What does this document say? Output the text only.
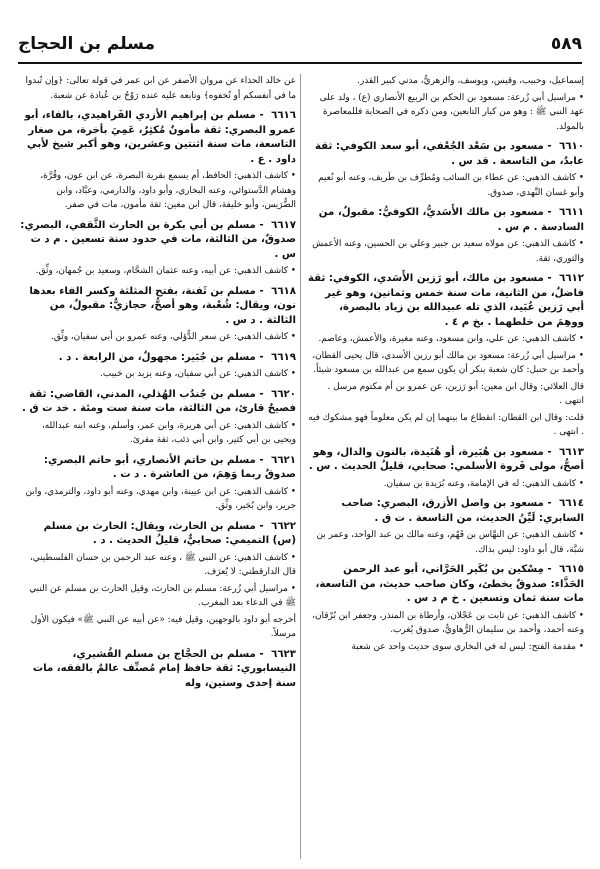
٥٨٩
مسلم بن الحجاج

إسماعيل، وحبيب، وقيس، ويوسف، والزهريُّ، مدني كبير القدر.

• مراسيل أبي زُرعة: مسعود بن الحكم بن الربيع الأنصاري (ع) ، ولد على عهد النبي ﷺ : وهو من كبار التابعين، ومن ذكره في الصحابة فللمعاصرة بالمولد.

٦٦١٠ - مسعود بن سَعْد الجُعْفي، أبو سعد الكوفي: ثقة عابدٌ، من التاسعة . قد س .

• كاشف الذهبي: عن عطاء بن السائب ومُطرِّف بن طَريف، وعنه أبو نُعيم وأبو غسان النَّهدي، صدوق.

٦٦١١ - مسعود بن مالك الأَسَديُّ، الكوفيُّ: مقبولٌ، من السادسة . م س .

• كاشف الذهبي: عن مولاه سعيد بن جبير وعلي بن الحسين، وعنه الأعمش والثوري، ثقة.

٦٦١٢ - مسعود بن مالك، أبو رَزين الأَسَدي، الكوفي: ثقة فاضلٌ، من الثانية، مات سنة خمس وثمانين، وهو غير أبي رَزين عُبَيد، الذي تله عبيدالله بن زياد بالبصرة، ووهِمَ من خلطهما . بخ م ٤ .

• كاشف الذهبي: عن علي، وابن مسعود، وعنه مغيرة، والأعمش، وعاصم.

• مراسيل أبي زُرعة: مسعود بن مالك أبو رزين الأسدي، قال يحيى القطان، وأحمد بن حنبل: كان شعبة ينكر أن يكون سمع من عبدالله بن مسعود شيئاً.

قال العلائي: وقال ابن معين: أبو رَزين، عن عمرو بن أم مكتوم مرسل . انتهى .

قلت: وقال ابن القطان: انقطاع ما بينهما إن لم يكن معلوماً فهو مشكوك فيه . انتهى .

٦٦١٣ - مسعود بن هُبَيرة، أو هُنَيدة، بالنون والدال، وهو أصحُّ، مولى فَروة الأسلمي: صحابي، قليلُ الحديث . س .

• كاشف الذهبي: له في الإمامة، وعنه بُرَيدة بن سفيان.

٦٦١٤ - مسعود بن واصل الأزرق، البصري: صاحب السابري: لَيِّنُ الحديث، من التاسعة . ت ق .

• كاشف الذهبي: عن النهَّاس بن قَهْم، وعنه مالك بن عبد الواحد، وعمر بن شبَّة، قال أبو داود: ليس بذاك.

٦٦١٥ - مِسْكين بن بُكَير الحَرَّاني، أبو عبد الرحمن الحَذَّاء: صدوقٌ يخطئ، وكان صاحب حديث، من التاسعة، مات سنة ثمان وتسعين . خ م د س .

• كاشف الذهبي: عن ثابت بن عَجْلان، وأرطاة بن المنذر، وجعفر ابن بُرْقان، وعنه أحمد، وأحمد بن سليمان الرُّهاويُّ، صدوق يُغرب.

• مقدمة الفتح: ليس له في البخاري سوى حديث واحد عن شعبة

عن خالد الحذاء عن مروان الأصفر عن ابن عمر في قوله تعالى: ﴿وإن تُبدوا ما في أنفسكم أو تُخفوه﴾ وتابعه عليه عنده رَوْحُ بن عُبادة عن شعبة.

٦٦١٦ - مسلم بن إبراهيم الأزدي الفَراهيدي، بالفاء، أبو عمرو البصري: ثقة مأمونٌ مُكثِرٌ، عَمِيَ بأخرة، من صغار التاسعة، مات سنة اثنتين وعشرين، وهو أكبر شيخ لأبي داود . ع .

• كاشف الذهبي: الحافظ، أم يسمع بقرية البصرة، عن ابن عون، وقُرَّة، وهشام الدَّستوائي، وعنه البخاري، وأبو داود، والدارمي، وعبَّاد، وابن الضُّرَيس، وأبو خليفة، قال ابن معين: ثقة مأمون، مات في صفر.

٦٦١٧ - مسلم بن أبي بكرة بن الحارث الثَّقفي، البصري: صدوقٌ، من الثالثة، مات في حدود سنة تسعين . م د ت س .

• كاشف الذهبي: عن أبيه، وعنه عثمان الشحَّام، وسعيد بن جُمهان، وثِّق.

٦٦١٨ - مسلم بن ثَفنة، بفتح المثلثة وكسر الفاء بعدها نون، ويقال: شُعْبة، وهو أصحُّ، حجازيٌّ: مقبولٌ، من الثالثة . د س .

• كاشف الذهبي: عن سعر الدُّؤلي، وعنه عمرو بن أبي سفيان، وثِّق.

٦٦١٩ - مسلم بن جُبَير: مجهولٌ، من الرابعة . د .

• كاشف الذهبي: عن أبي سفيان، وعنه يزيد بن حَبيب.

٦٦٢٠ - مسلم بن جُندُب الهُذلي، المدني، القاضي: ثقة فصيحٌ قارئ، من الثالثة، مات سنة ست ومئة . خد ت ق .

• كاشف الذهبي: عن أبي هريرة، وابن عمر، وأسلم، وعنه ابنه عبدالله، ويحيى بن أبي كثير، وابن أبي ذئب، ثقة مقرئ.

٦٦٢١ - مسلم بن حاتم الأنصاري، أبو حاتم البصري: صدوقٌ ربما وَهِمَ، من العاشرة . د ت .

• كاشف الذهبي: عن ابن عيينة، وابن مهدي، وعنه أبو داود، والترمذي، وابن جرير، وابن بُجَير، وثِّق.

٦٦٢٢ - مسلم بن الحارث، ويقال: الحارث بن مسلم (س) التميمي: صحابيٌّ، قليلُ الحديث . د .

• كاشف الذهبي: عن النبي ﷺ ، وعنه عبد الرحمن بن حسان الفلسطيني، قال الدارقطني: لا يُعرَف.

• مراسيل أبي زُرعة: مسلم بن الحارث، وقيل الحارث بن مسلم عن النبي ﷺ في الدعاء بعد المغرب.

أخرجه أبو داود بالوجهين، وقيل فيه: «عن أبيه عن النبي ﷺ» فيكون الأول مرسلاً.

٦٦٢٣ - مسلم بن الحجَّاج بن مسلم القُشيري، النيسابوري: ثقة حافظ إمام مُصنِّف عالمٌ بالفقه، مات سنة إحدى وستين، وله
